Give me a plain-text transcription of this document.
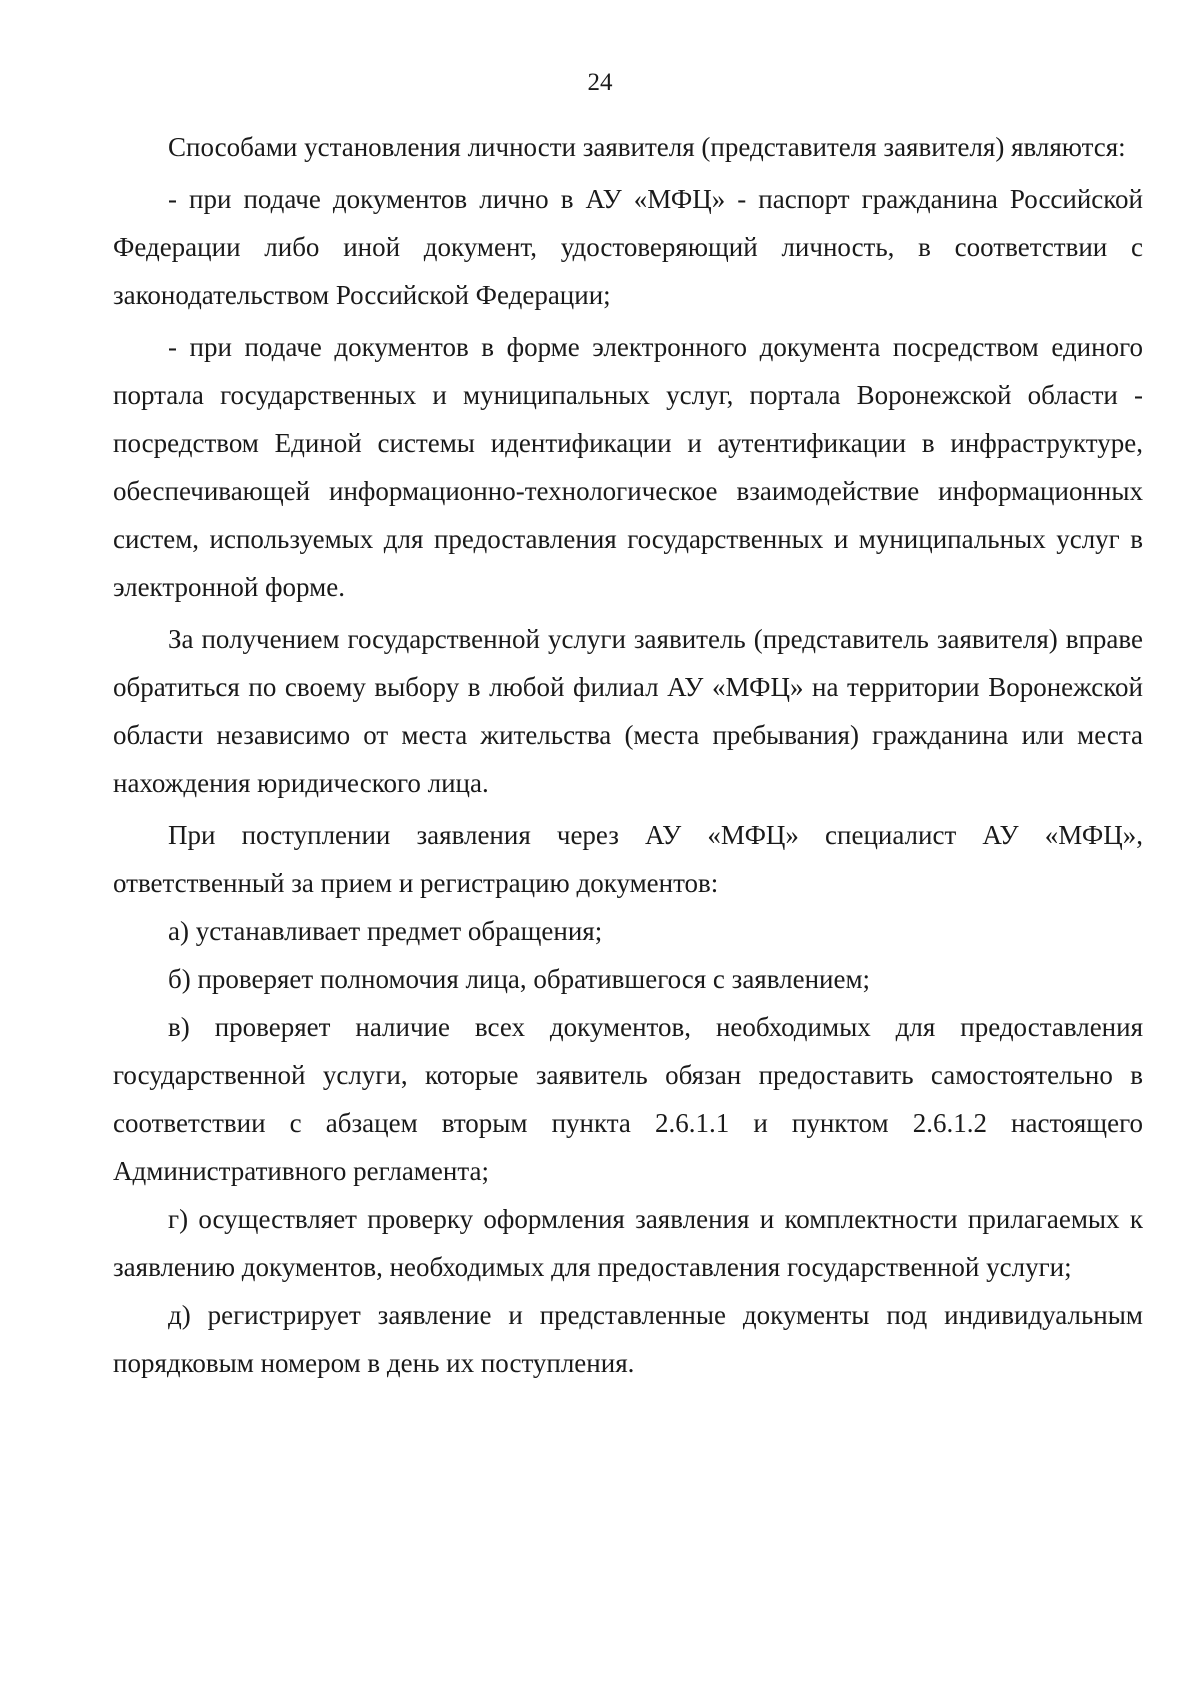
24

Способами установления личности заявителя (представителя заявителя) являются:

- при подаче документов лично в АУ «МФЦ» - паспорт гражданина Российской Федерации либо иной документ, удостоверяющий личность, в соответствии с законодательством Российской Федерации;

- при подаче документов в форме электронного документа посредством единого портала государственных и муниципальных услуг, портала Воронежской области - посредством Единой системы идентификации и аутентификации в инфраструктуре, обеспечивающей информационно-технологическое взаимодействие информационных систем, используемых для предоставления государственных и муниципальных услуг в электронной форме.

За получением государственной услуги заявитель (представитель заявителя) вправе обратиться по своему выбору в любой филиал АУ «МФЦ» на территории Воронежской области независимо от места жительства (места пребывания) гражданина или места нахождения юридического лица.

При поступлении заявления через АУ «МФЦ» специалист АУ «МФЦ», ответственный за прием и регистрацию документов:

а) устанавливает предмет обращения;

б) проверяет полномочия лица, обратившегося с заявлением;

в) проверяет наличие всех документов, необходимых для предоставления государственной услуги, которые заявитель обязан предоставить самостоятельно в соответствии с абзацем вторым пункта 2.6.1.1 и пунктом 2.6.1.2 настоящего Административного регламента;

г) осуществляет проверку оформления заявления и комплектности прилагаемых к заявлению документов, необходимых для предоставления государственной услуги;

д) регистрирует заявление и представленные документы под индивидуальным порядковым номером в день их поступления.
